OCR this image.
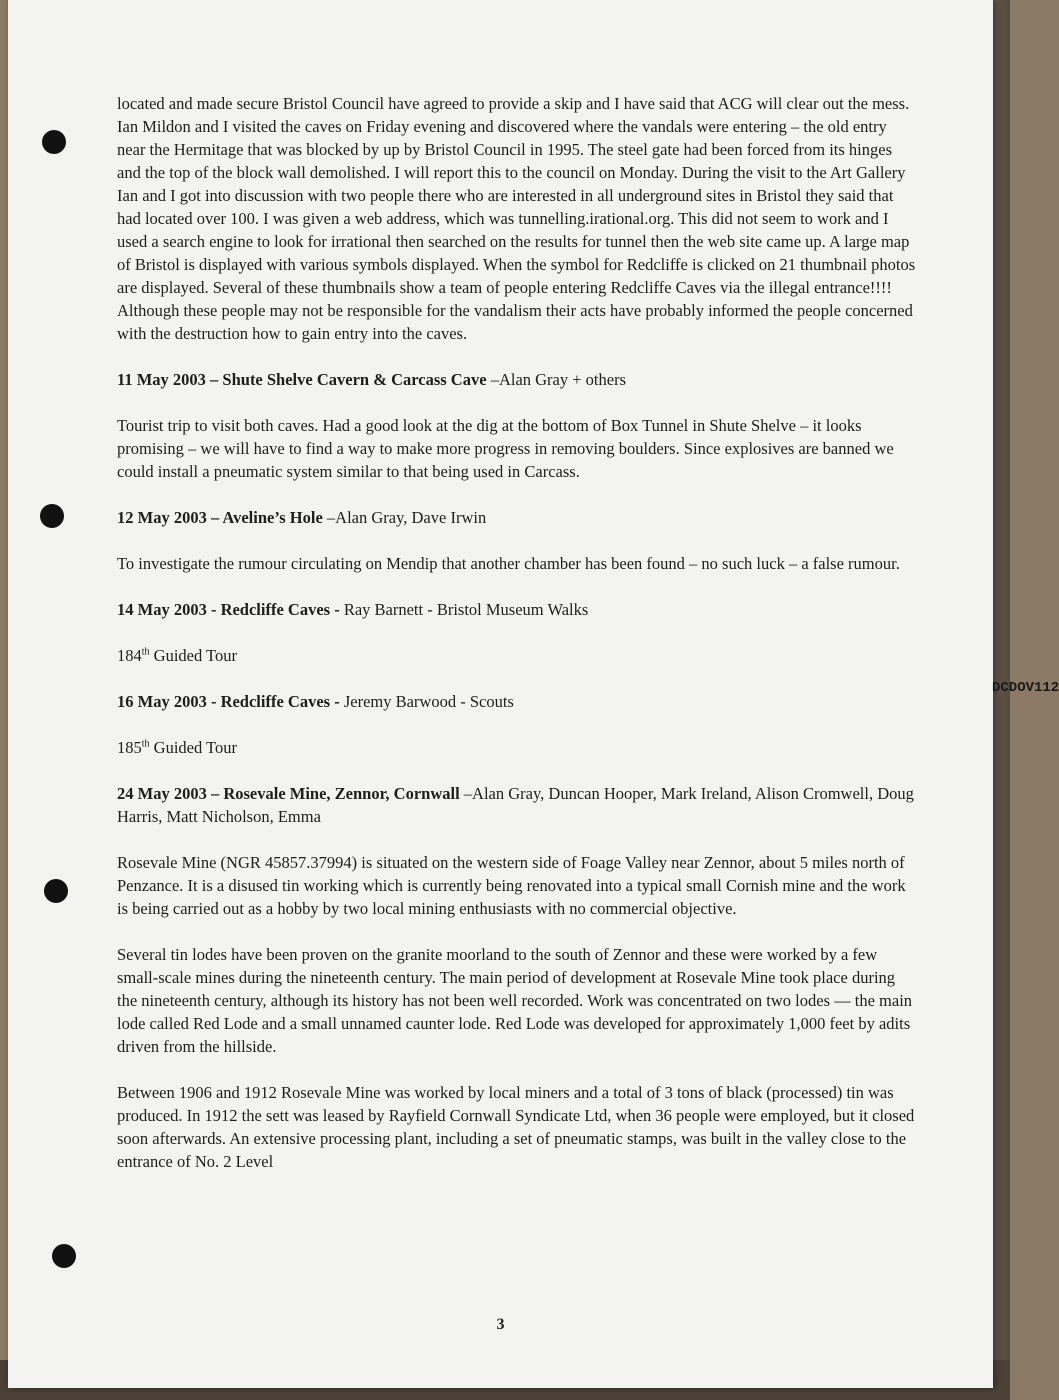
located and made secure Bristol Council have agreed to provide a skip and I have said that ACG will clear out the mess. Ian Mildon and I visited the caves on Friday evening and discovered where the vandals were entering – the old entry near the Hermitage that was blocked by up by Bristol Council in 1995. The steel gate had been forced from its hinges and the top of the block wall demolished. I will report this to the council on Monday. During the visit to the Art Gallery Ian and I got into discussion with two people there who are interested in all underground sites in Bristol they said that had located over 100. I was given a web address, which was tunnelling.irational.org. This did not seem to work and I used a search engine to look for irrational then searched on the results for tunnel then the web site came up. A large map of Bristol is displayed with various symbols displayed. When the symbol for Redcliffe is clicked on 21 thumbnail photos are displayed. Several of these thumbnails show a team of people entering Redcliffe Caves via the illegal entrance!!!! Although these people may not be responsible for the vandalism their acts have probably informed the people concerned with the destruction how to gain entry into the caves.

11 May 2003 – Shute Shelve Cavern & Carcass Cave –Alan Gray + others

Tourist trip to visit both caves. Had a good look at the dig at the bottom of Box Tunnel in Shute Shelve – it looks promising – we will have to find a way to make more progress in removing boulders. Since explosives are banned we could install a pneumatic system similar to that being used in Carcass.

12 May 2003 – Aveline’s Hole –Alan Gray, Dave Irwin

To investigate the rumour circulating on Mendip that another chamber has been found – no such luck – a false rumour.

14 May 2003 - Redcliffe Caves - Ray Barnett - Bristol Museum Walks

184th Guided Tour

16 May 2003 - Redcliffe Caves - Jeremy Barwood - Scouts

185th Guided Tour

24 May 2003 – Rosevale Mine, Zennor, Cornwall –Alan Gray, Duncan Hooper, Mark Ireland, Alison Cromwell, Doug Harris, Matt Nicholson, Emma

Rosevale Mine (NGR 45857.37994) is situated on the western side of Foage Valley near Zennor, about 5 miles north of Penzance. It is a disused tin working which is currently being renovated into a typical small Cornish mine and the work is being carried out as a hobby by two local mining enthusiasts with no commercial objective.

Several tin lodes have been proven on the granite moorland to the south of Zennor and these were worked by a few small-scale mines during the nineteenth century. The main period of development at Rosevale Mine took place during the nineteenth century, although its history has not been well recorded. Work was concentrated on two lodes — the main lode called Red Lode and a small unnamed caunter lode. Red Lode was developed for approximately 1,000 feet by adits driven from the hillside.

Between 1906 and 1912 Rosevale Mine was worked by local miners and a total of 3 tons of black (processed) tin was produced. In 1912 the sett was leased by Rayfield Cornwall Syndicate Ltd, when 36 people were employed, but it closed soon afterwards. An extensive processing plant, including a set of pneumatic stamps, was built in the valley close to the entrance of No. 2 Level

3
DCDOV112
